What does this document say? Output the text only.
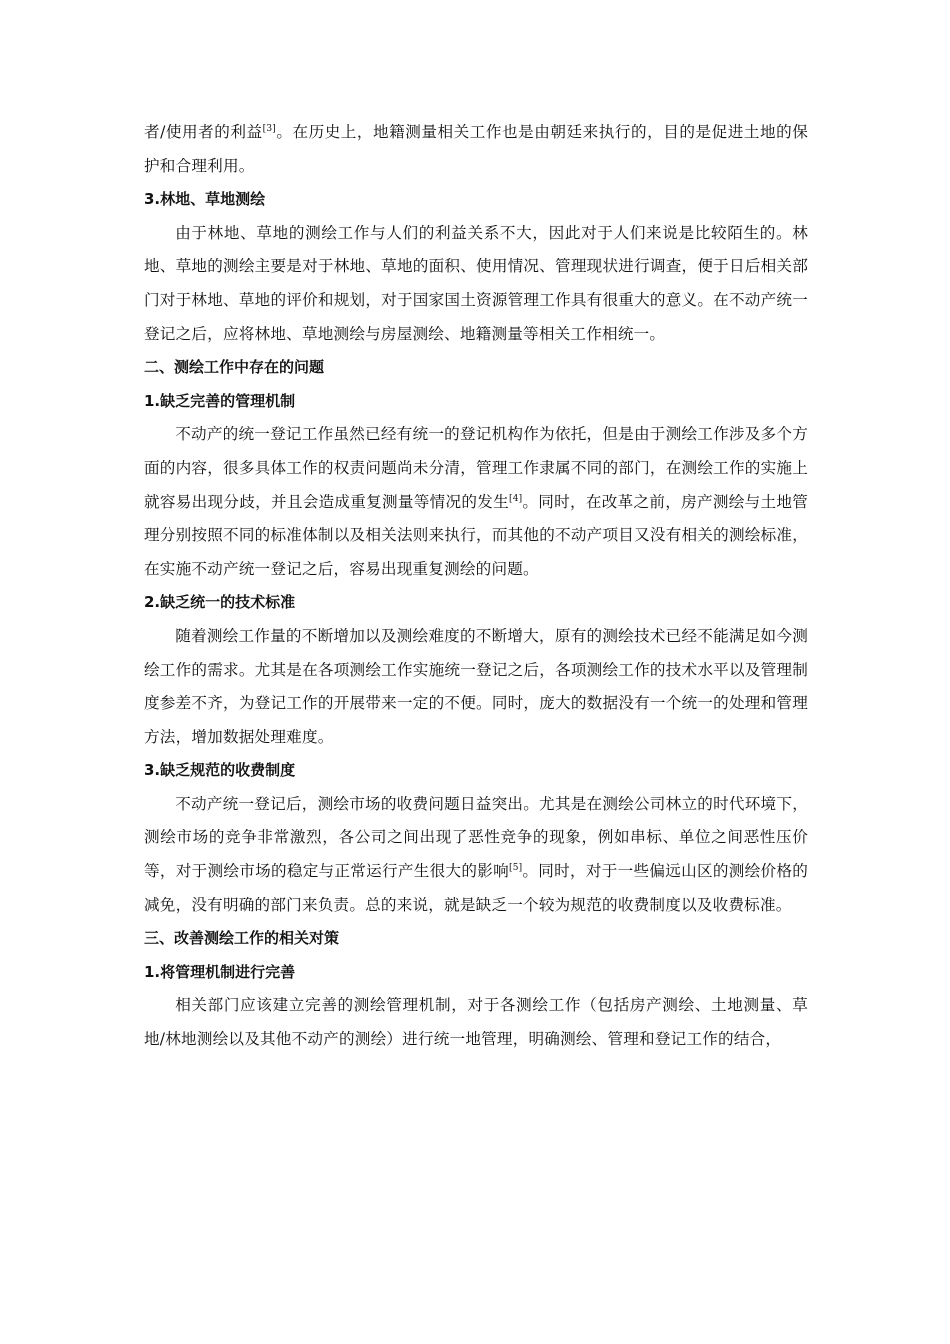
者/使用者的利益[3]。在历史上，地籍测量相关工作也是由朝廷来执行的，目的是促进土地的保护和合理利用。

3.林地、草地测绘

由于林地、草地的测绘工作与人们的利益关系不大，因此对于人们来说是比较陌生的。林地、草地的测绘主要是对于林地、草地的面积、使用情况、管理现状进行调查，便于日后相关部门对于林地、草地的评价和规划，对于国家国土资源管理工作具有很重大的意义。在不动产统一登记之后，应将林地、草地测绘与房屋测绘、地籍测量等相关工作相统一。

二、测绘工作中存在的问题
1.缺乏完善的管理机制

不动产的统一登记工作虽然已经有统一的登记机构作为依托，但是由于测绘工作涉及多个方面的内容，很多具体工作的权责问题尚未分清，管理工作隶属不同的部门，在测绘工作的实施上就容易出现分歧，并且会造成重复测量等情况的发生[4]。同时，在改革之前，房产测绘与土地管理分别按照不同的标准体制以及相关法则来执行，而其他的不动产项目又没有相关的测绘标准，在实施不动产统一登记之后，容易出现重复测绘的问题。

2.缺乏统一的技术标准

随着测绘工作量的不断增加以及测绘难度的不断增大，原有的测绘技术已经不能满足如今测绘工作的需求。尤其是在各项测绘工作实施统一登记之后，各项测绘工作的技术水平以及管理制度参差不齐，为登记工作的开展带来一定的不便。同时，庞大的数据没有一个统一的处理和管理方法，增加数据处理难度。

3.缺乏规范的收费制度

不动产统一登记后，测绘市场的收费问题日益突出。尤其是在测绘公司林立的时代环境下，测绘市场的竞争非常激烈，各公司之间出现了恶性竞争的现象，例如串标、单位之间恶性压价等，对于测绘市场的稳定与正常运行产生很大的影响[5]。同时，对于一些偏远山区的测绘价格的减免，没有明确的部门来负责。总的来说，就是缺乏一个较为规范的收费制度以及收费标准。

三、改善测绘工作的相关对策
1.将管理机制进行完善

相关部门应该建立完善的测绘管理机制，对于各测绘工作（包括房产测绘、土地测量、草地/林地测绘以及其他不动产的测绘）进行统一地管理，明确测绘、管理和登记工作的结合，
